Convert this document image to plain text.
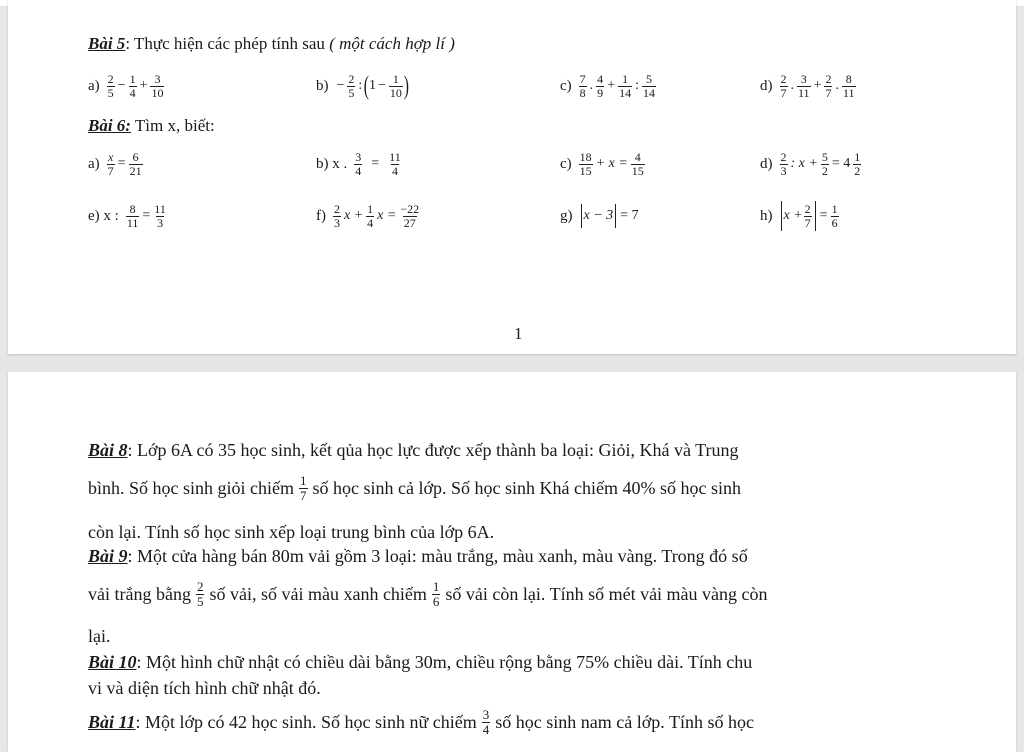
Bài 5: Thực hiện các phép tính sau ( một cách hợp lí )
$a) \frac{2}{5} - \frac{1}{4} + \frac{3}{10}$	$b) - \frac{2}{5}$ : ( $1 - \frac{1}{10}$ )	$c) \frac{7}{8}$ . $\frac{4}{9} + \frac{1}{14}$ : $\frac{5}{14}$	$d) \frac{2}{7}$ . $\frac{3}{11} + \frac{2}{7}$ . $\frac{8}{11}$
Bài 6: Tìm x, biết:
$a) \frac{x}{7} = \frac{6}{21}$	b) x . $\frac{3}{4} = \frac{11}{4}$	$c) \frac{18}{15} + x = \frac{4}{15}$	$d) \frac{2}{3}$ : $x + \frac{5}{2} = 4 \frac{1}{2}$
e) x : $\frac{8}{11} = \frac{11}{3}$	$f) \frac{2}{3}$ $x + \frac{1}{4}$ $x = \frac{-22}{27}$	g) x − 3 = 7	h) $x + \frac{2}{7} = \frac{1}{6}$
1
Bài 8 : Lớp 6A có 35 học sinh, kết qủa học lực được xếp thành ba loại: Giỏi, Khá và Trung
bình. Số học sinh giỏi chiếm 1
7 số học sinh cả lớp. Số học sinh Khá chiếm 40% số học sinh
còn lại. Tính số học sinh xếp loại trung bình của lớp 6A.
Bài 9 : Một cửa hàng bán 80m vải gồm 3 loại: màu trắng, màu xanh, màu vàng. Trong đó số
vải trắng bằng 2
5 số vải, số vải màu xanh chiếm 1
6 số vải còn lại. Tính số mét vải màu vàng còn
lại.
Bài 10 : Một hình chữ nhật có chiều dài bằng 30m, chiều rộng bằng 75% chiều dài. Tính chu
vi và diện tích hình chữ nhật đó.
Bài 11 : Một lớp có 42 học sinh. Số học sinh nữ chiếm 3
4 số học sinh nam cả lớp. Tính số học
